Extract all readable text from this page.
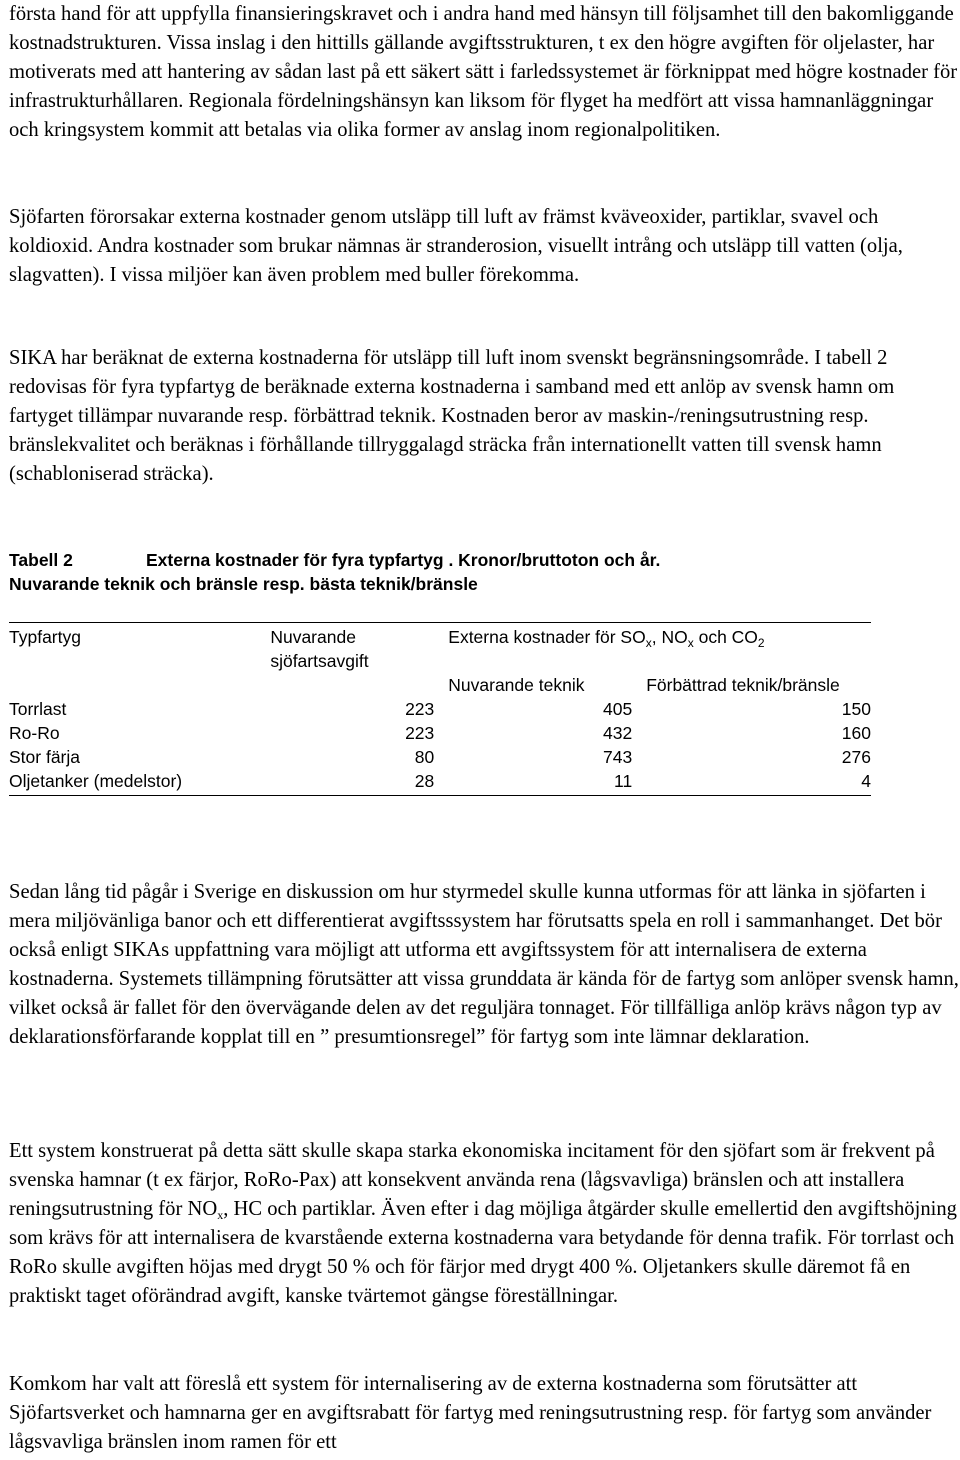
första hand för att uppfylla finansieringskravet och i andra hand med hänsyn till följsamhet till den bakomliggande kostnadstrukturen. Vissa inslag i den hittills gällande avgiftsstrukturen, t ex den högre avgiften för oljelaster, har motiverats med att hantering av sådan last på ett säkert sätt i farledssystemet är förknippat med högre kostnader för infrastrukturhållaren. Regionala fördelningshänsyn kan liksom för flyget ha medfört att vissa hamnanläggningar och kringsystem kommit att betalas via olika former av anslag inom regionalpolitiken.

Sjöfarten förorsakar externa kostnader genom utsläpp till luft av främst kväveoxider, partiklar, svavel och koldioxid. Andra kostnader som brukar nämnas är stranderosion, visuellt intrång och utsläpp till vatten (olja, slagvatten). I vissa miljöer kan även problem med buller förekomma.

SIKA har beräknat de externa kostnaderna för utsläpp till luft inom svenskt begränsningsområde. I tabell 2 redovisas för fyra typfartyg de beräknade externa kostnaderna i samband med ett anlöp av svensk hamn om fartyget tillämpar nuvarande resp. förbättrad teknik. Kostnaden beror av maskin-/reningsutrustning resp. bränslekvalitet och beräknas i förhållande tillryggalagd sträcka från internationellt vatten till svensk hamn (schabloniserad sträcka).

Tabell 2	Externa kostnader för fyra typfartyg . Kronor/bruttoton och år.
Nuvarande teknik och bränsle resp. bästa teknik/bränsle
Typfartyg	Nuvarande sjöfartsavgift	Externa kostnader för $SO_x$, $NO_x$ och $CO_2$
		Nuvarande teknik	Förbättrad teknik/bränsle
Torrlast	223	405	150
Ro-Ro	223	432	160
Stor färja	80	743	276
Oljetanker (medelstor)	28	11	4

Sedan lång tid pågår i Sverige en diskussion om hur styrmedel skulle kunna utformas för att länka in sjöfarten i mera miljövänliga banor och ett differentierat avgiftsssystem har förutsatts spela en roll i sammanhanget. Det bör också enligt SIKAs uppfattning vara möjligt att utforma ett avgiftssystem för att internalisera de externa kostnaderna. Systemets tillämpning förutsätter att vissa grunddata är kända för de fartyg som anlöper svensk hamn, vilket också är fallet för den övervägande delen av det reguljära tonnaget. För tillfälliga anlöp krävs någon typ av deklarationsförfarande kopplat till en ” presumtionsregel” för fartyg som inte lämnar deklaration.

Ett system konstruerat på detta sätt skulle skapa starka ekonomiska incitament för den sjöfart som är frekvent på svenska hamnar (t ex färjor, RoRo-Pax) att konsekvent använda rena (lågsvavliga) bränslen och att installera reningsutrustning för $NO_x$, HC och partiklar. Även efter i dag möjliga åtgärder skulle emellertid den avgiftshöjning som krävs för att internalisera de kvarstående externa kostnaderna vara betydande för denna trafik. För torrlast och RoRo skulle avgiften höjas med drygt 50 % och för färjor med drygt 400 %. Oljetankers skulle däremot få en praktiskt taget oförändrad avgift, kanske tvärtemot gängse föreställningar.

Komkom har valt att föreslå ett system för internalisering av de externa kostnaderna som förutsätter att Sjöfartsverket och hamnarna ger en avgiftsrabatt för fartyg med reningsutrustning resp. för fartyg som använder lågsvavliga bränslen inom ramen för ett
